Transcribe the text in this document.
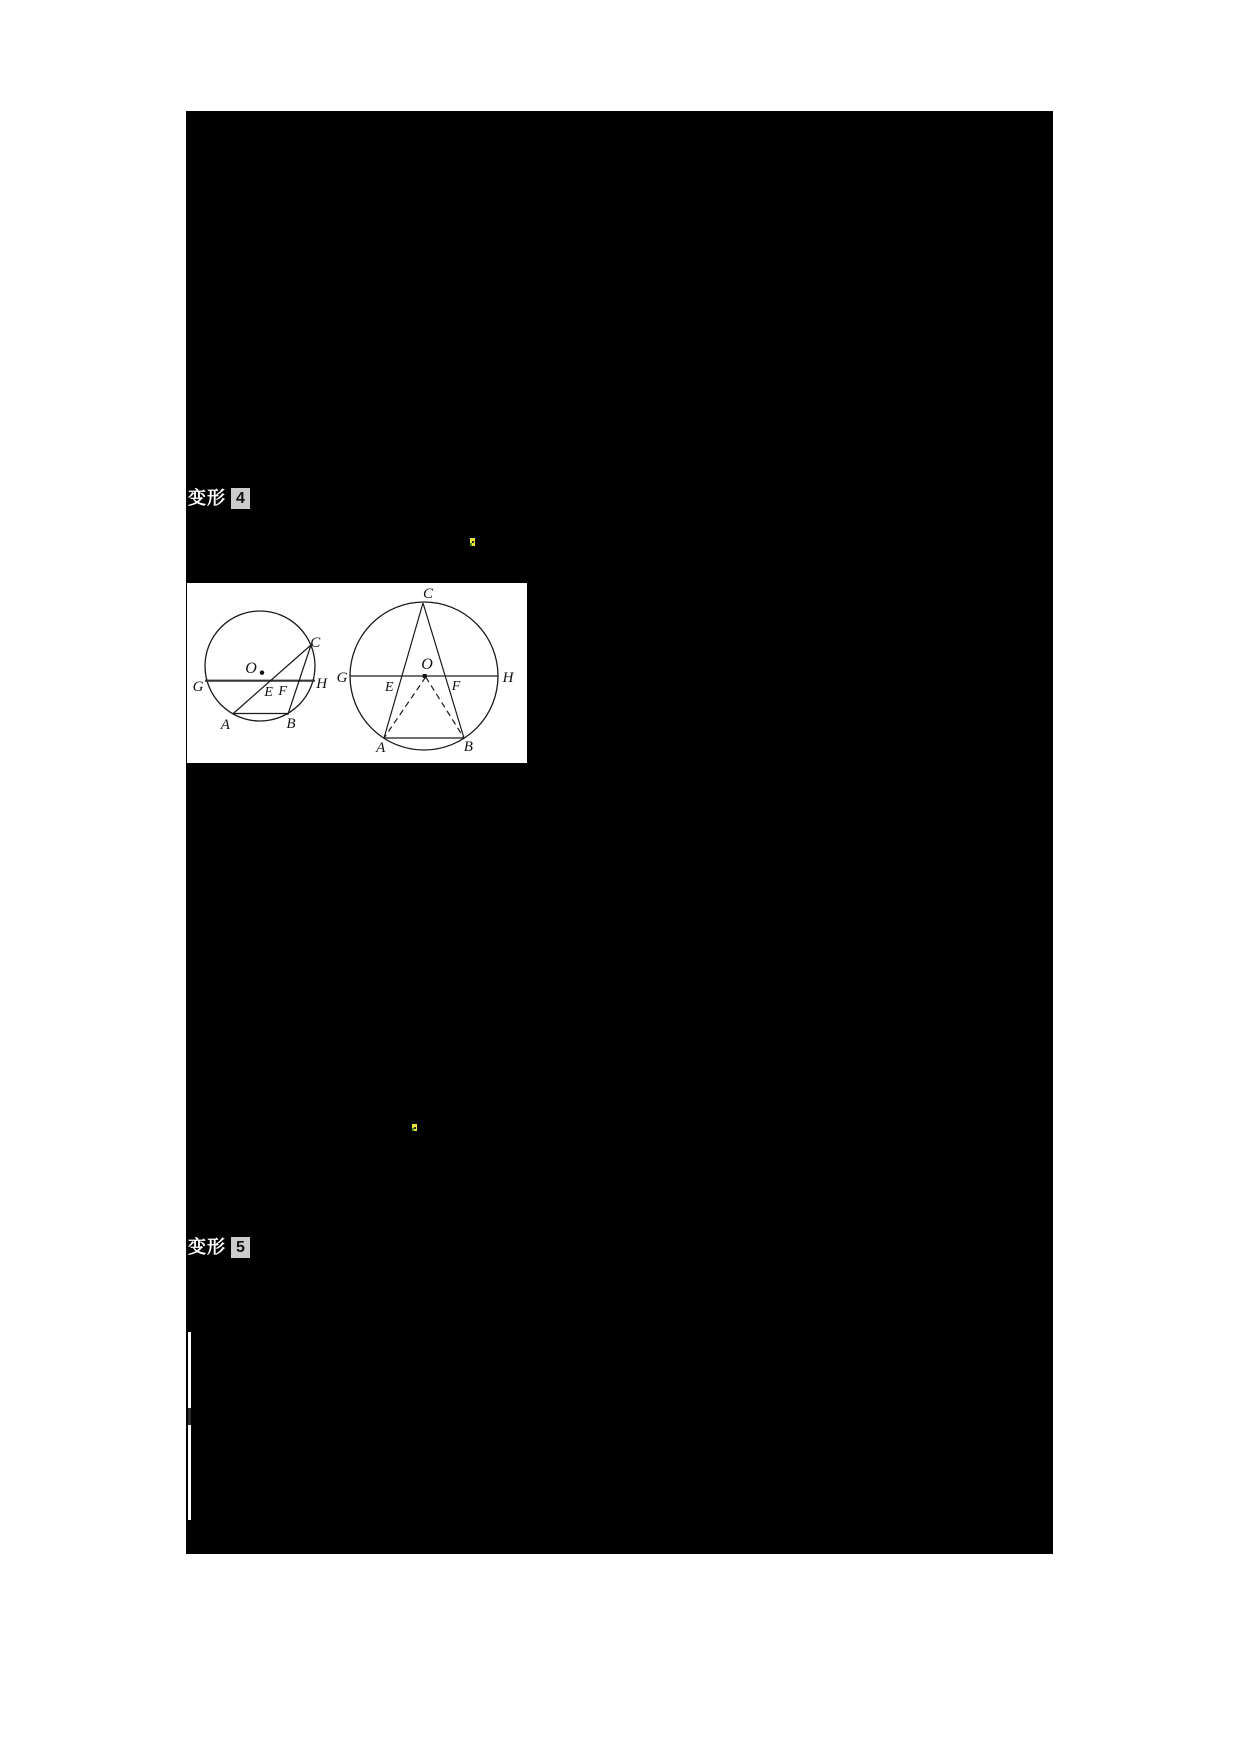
变形 4
G
O
H
C
E F
A	B
C
G
O
E	F
H
A	B
变形 5
